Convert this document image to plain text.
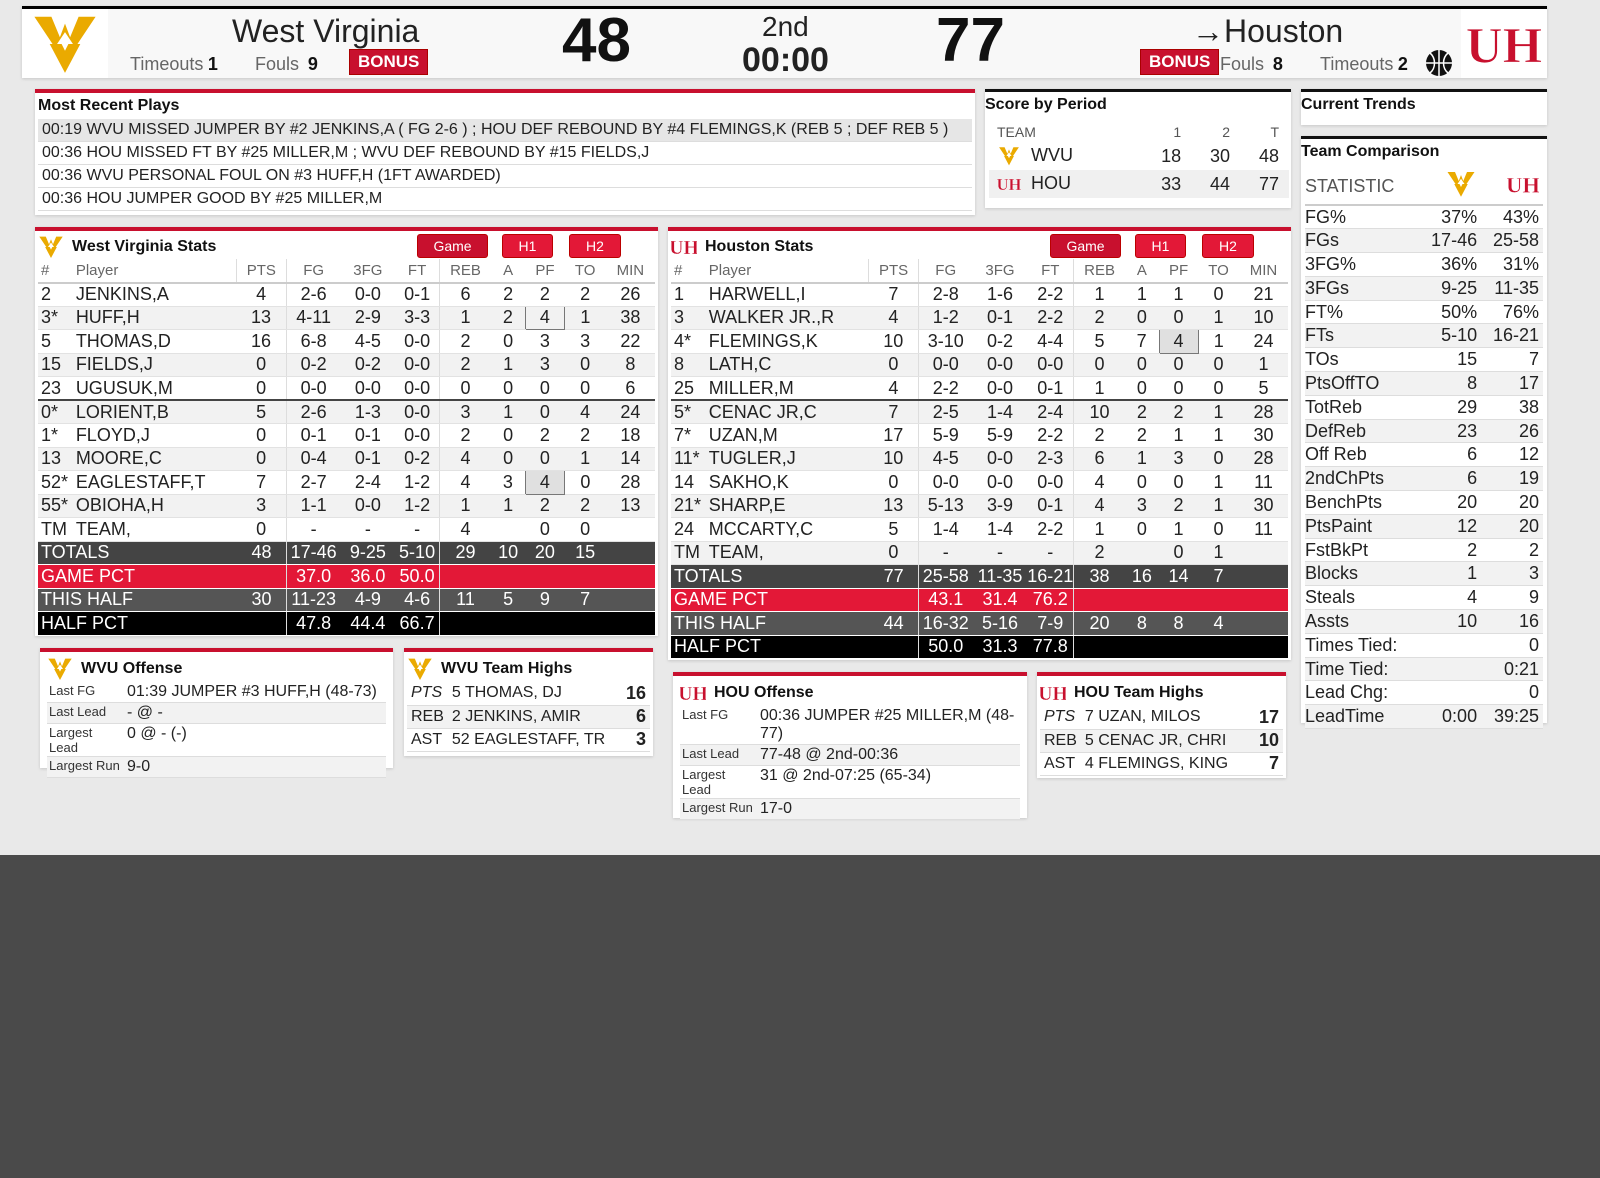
West Virginia
Timeouts 1 Fouls 9	BONUS 48	2nd
00:00 77	→Houston
BONUS Fouls 8 Timeouts 2
Most Recent Plays
00:19 WVU MISSED JUMPER BY #2 JENKINS,A ( FG 2-6 ) ; HOU DEF REBOUND BY #4 FLEMINGS,K (REB 5 ; DEF REB 5 )
00:36 HOU MISSED FT BY #25 MILLER,M ; WVU DEF REBOUND BY #15 FIELDS,J
00:36 WVU PERSONAL FOUL ON #3 HUFF,H (1FT AWARDED)
00:36 HOU JUMPER GOOD BY #25 MILLER,M
Score by Period
TEAM	1	2	T
WVU	18	30	48
HOU	33	44	77
Current Trends
Team Comparison
STATISTIC		
FG%	37%	43%
FGs	17-46	25-58
3FG%	36%	31%
3FGs	9-25	11-35
FT%	50%	76%
FTs	5-10	16-21
TOs	15	7
PtsOffTO	8	17
TotReb	29	38
DefReb	23	26
Off Reb	6	12
2ndChPts	6	19
BenchPts	20	20
PtsPaint	12	20
FstBkPt	2	2
Blocks	1	3
Steals	4	9
Assts	10	16
Times Tied:		0
Time Tied:		0:21
Lead Chg:		0
LeadTime	0:00	39:25
West Virginia Stats	Game	H1	H2
#	Player	PTS	FG	3FG	FT	REB	A	PF	TO	MIN
2	JENKINS,A	4	2-6	0-0	0-1	6	2	2	2	26
3*	HUFF,H	13	4-11	2-9	3-3	1	2	4	1	38
5	THOMAS,D	16	6-8	4-5	0-0	2	0	3	3	22
15	FIELDS,J	0	0-2	0-2	0-0	2	1	3	0	8
23	UGUSUK,M	0	0-0	0-0	0-0	0	0	0	0	6
0*	LORIENT,B	5	2-6	1-3	0-0	3	1	0	4	24
1*	FLOYD,J	0	0-1	0-1	0-0	2	0	2	2	18
13	MOORE,C	0	0-4	0-1	0-2	4	0	0	1	14
52*	EAGLESTAFF,T	7	2-7	2-4	1-2	4	3	4	0	28
55*	OBIOHA,H	3	1-1	0-0	1-2	1	1	2	2	13
TM	TEAM,	0	-	-	-	4		0	0	
TOTALS		48	17-46	9-25	5-10	29	10	20	15	
GAME PCT			37.0	36.0	50.0					
THIS HALF		30	11-23	4-9	4-6	11	5	9	7	
HALF PCT			47.8	44.4	66.7					
Houston Stats	Game	H1	H2
#	Player	PTS	FG	3FG	FT	REB	A	PF	TO	MIN
1	HARWELL,I	7	2-8	1-6	2-2	1	1	1	0	21
3	WALKER JR.,R	4	1-2	0-1	2-2	2	0	0	1	10
4*	FLEMINGS,K	10	3-10	0-2	4-4	5	7	4	1	24
8	LATH,C	0	0-0	0-0	0-0	0	0	0	0	1
25	MILLER,M	4	2-2	0-0	0-1	1	0	0	0	5
5*	CENAC JR,C	7	2-5	1-4	2-4	10	2	2	1	28
7*	UZAN,M	17	5-9	5-9	2-2	2	2	1	1	30
11*	TUGLER,J	10	4-5	0-0	2-3	6	1	3	0	28
14	SAKHO,K	0	0-0	0-0	0-0	4	0	0	1	11
21*	SHARP,E	13	5-13	3-9	0-1	4	3	2	1	30
24	MCCARTY,C	5	1-4	1-4	2-2	1	0	1	0	11
TM	TEAM,	0	-	-	-	2		0	1	
TOTALS		77	25-58	11-35	16-21	38	16	14	7	
GAME PCT			43.1	31.4	76.2					
THIS HALF		44	16-32	5-16	7-9	20	8	8	4	
HALF PCT			50.0	31.3	77.8					
WVU Offense
Last FG	01:39 JUMPER #3 HUFF,H (48-73)
Last Lead	- @ -
Largest Lead	0 @ - (-)
Largest Run	9-0
WVU Team Highs
PTS	5 THOMAS, DJ	16
REB	2 JENKINS, AMIR	6
AST	52 EAGLESTAFF, TR	3
HOU Offense
Last FG	00:36 JUMPER #25 MILLER,M (48-77)
Last Lead	77-48 @ 2nd-00:36
Largest Lead	31 @ 2nd-07:25 (65-34)
Largest Run	17-0
HOU Team Highs
PTS	7 UZAN, MILOS	17
REB	5 CENAC JR, CHRI	10
AST	4 FLEMINGS, KING	7
